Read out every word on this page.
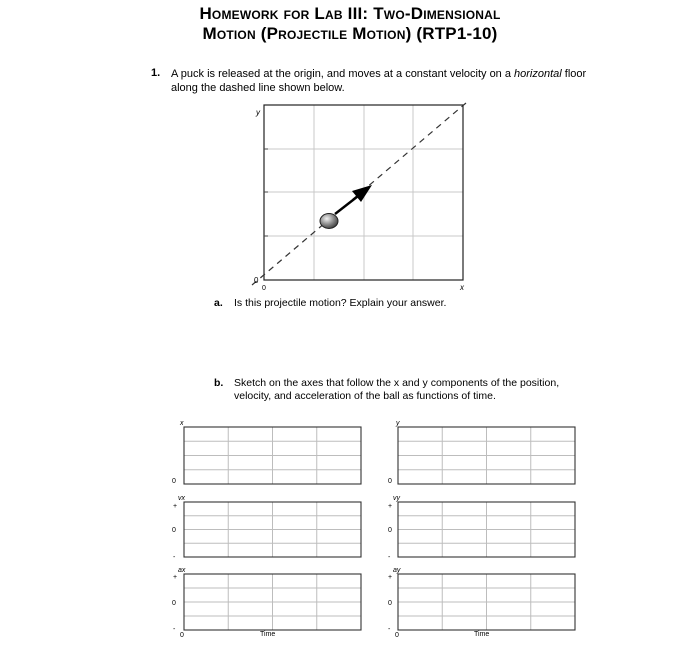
Homework for Lab III: Two-Dimensional
Motion (Projectile Motion) (RTP1-10)
1. A puck is released at the origin, and moves at a constant velocity on a horizontal floor along the dashed line shown below.
a. Is this projectile motion? Explain your answer.
b. Sketch on the axes that follow the x and y components of the position, velocity, and acceleration of the ball as functions of time.
y
x
0
0
x
0
vx
+
0
-
ax
+
0
-
0	Time
y
0
vy
+
0
-
ay
+
0
-
0	Time
